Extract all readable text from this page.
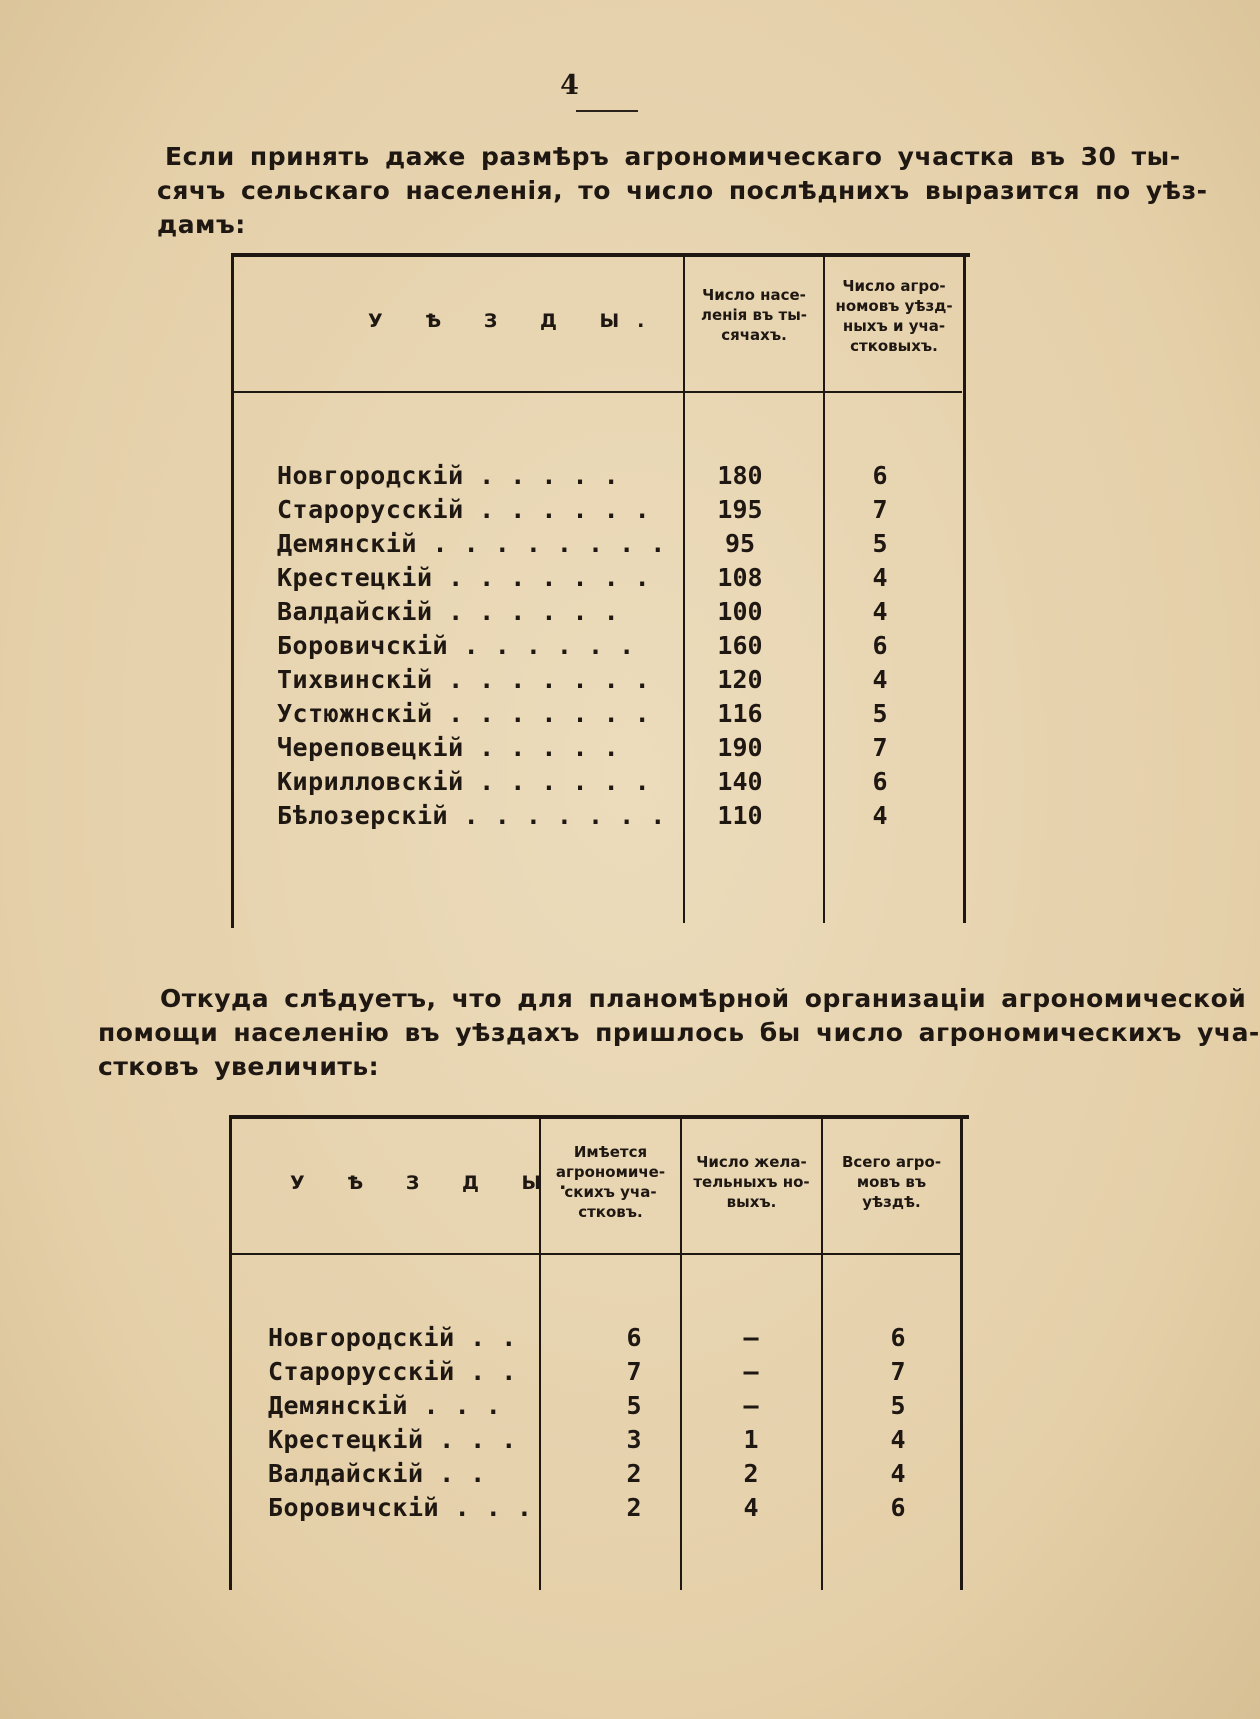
4
Если принять даже размѣръ агрономическаго участка въ 30 ты-
сячъ сельскаго населенія, то число послѣднихъ выразится по уѣз-
дамъ:
У Ѣ З Д Ы.
Число насе-
ленія въ ты-
сячахъ.
Число агро-
номовъ уѣзд-
ныхъ и уча-
стковыхъ.
Новгородскій . . . . .	180	6
Старорусскій . . . . . .	195	7
Демянскій . . . . . . . .	95	5
Крестецкій . . . . . . .	108	4
Валдайскій . . . . . .	100	4
Боровичскій . . . . . .	160	6
Тихвинскій . . . . . . .	120	4
Устюжнскій . . . . . . .	116	5
Череповецкій . . . . .	190	7
Кирилловскій . . . . . .	140	6
Бѣлозерскій . . . . . . .	110	4
Откуда слѣдуетъ, что для планомѣрной организаціи агрономической
помощи населенію въ уѣздахъ пришлось бы число агрономическихъ уча-
стковъ увеличить:
У Ѣ З Д Ы.
Имѣется
агрономиче-
скихъ уча-
стковъ.
Число жела-
тельныхъ но-
выхъ.
Всего агро-
мовъ въ
уѣздѣ.
Новгородскій . .	6	—	6
Старорусскій . .	7	—	7
Демянскій . . .	5	—	5
Крестецкій . . .	3	1	4
Валдайскій . .	2	2	4
Боровичскій . . .	2	4	6
